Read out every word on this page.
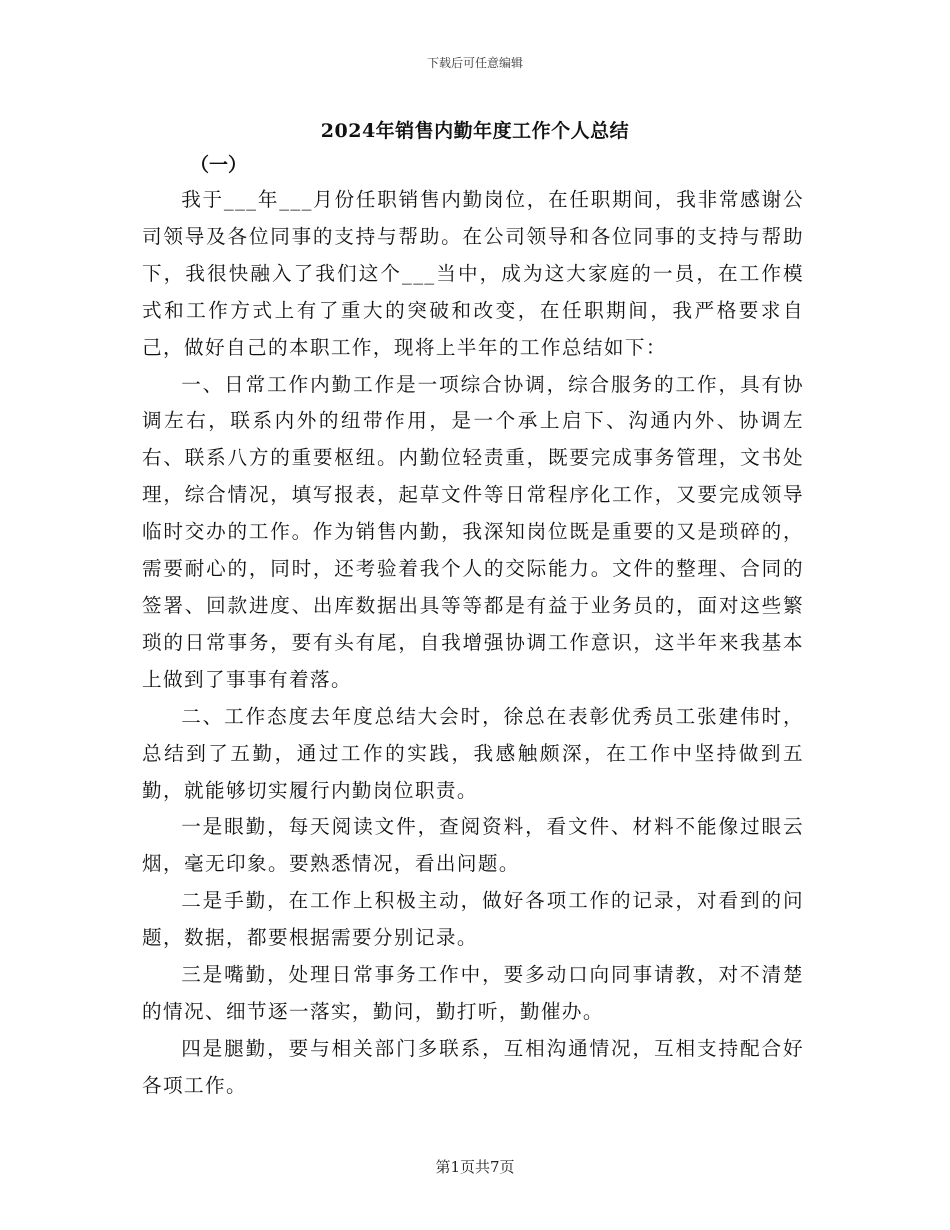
下载后可任意编辑
2024年销售内勤年度工作个人总结
（一）

我于___年___月份任职销售内勤岗位，在任职期间，我非常感谢公司领导及各位同事的支持与帮助。在公司领导和各位同事的支持与帮助下，我很快融入了我们这个___当中，成为这大家庭的一员，在工作模式和工作方式上有了重大的突破和改变，在任职期间，我严格要求自己，做好自己的本职工作，现将上半年的工作总结如下：

一、日常工作内勤工作是一项综合协调，综合服务的工作，具有协调左右，联系内外的纽带作用，是一个承上启下、沟通内外、协调左右、联系八方的重要枢纽。内勤位轻责重，既要完成事务管理，文书处理，综合情况，填写报表，起草文件等日常程序化工作，又要完成领导临时交办的工作。作为销售内勤，我深知岗位既是重要的又是琐碎的，需要耐心的，同时，还考验着我个人的交际能力。文件的整理、合同的签署、回款进度、出库数据出具等等都是有益于业务员的，面对这些繁琐的日常事务，要有头有尾，自我增强协调工作意识，这半年来我基本上做到了事事有着落。

二、工作态度去年度总结大会时，徐总在表彰优秀员工张建伟时，总结到了五勤，通过工作的实践，我感触颇深，在工作中坚持做到五勤，就能够切实履行内勤岗位职责。

一是眼勤，每天阅读文件，查阅资料，看文件、材料不能像过眼云烟，毫无印象。要熟悉情况，看出问题。

二是手勤，在工作上积极主动，做好各项工作的记录，对看到的问题，数据，都要根据需要分别记录。

三是嘴勤，处理日常事务工作中，要多动口向同事请教，对不清楚的情况、细节逐一落实，勤问，勤打听，勤催办。

四是腿勤，要与相关部门多联系，互相沟通情况，互相支持配合好各项工作。

第1页共7页
